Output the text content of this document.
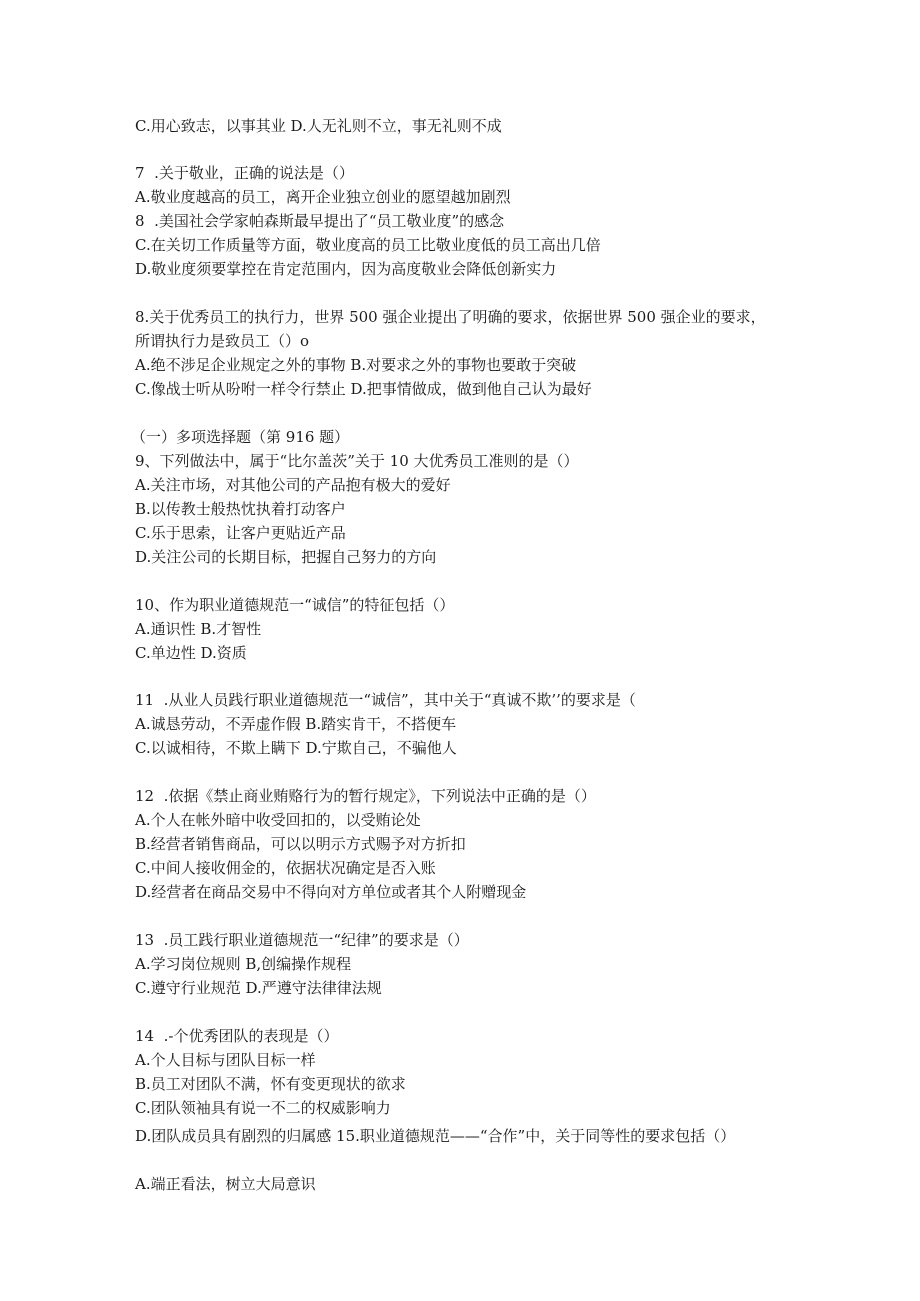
C.用心致志，以事其业 D.人无礼则不立，事无礼则不成
7  .关于敬业，正确的说法是（）
A.敬业度越高的员工，离开企业独立创业的愿望越加剧烈
8  .美国社会学家帕森斯最早提出了“员工敬业度”的感念
C.在关切工作质量等方面，敬业度高的员工比敬业度低的员工高出几倍
D.敬业度须要掌控在肯定范围内，因为高度敬业会降低创新实力
8.关于优秀员工的执行力，世界 500 强企业提出了明确的要求，依据世界 500 强企业的要求，
所谓执行力是致员工（）o
A.绝不涉足企业规定之外的事物 B.对要求之外的事物也要敢于突破
C.像战士听从吩咐一样令行禁止 D.把事情做成，做到他自己认为最好
（一）多项选择题（第 916 题）
9、下列做法中，属于“比尔盖茨”关于 10 大优秀员工准则的是（）
A.关注市场，对其他公司的产品抱有极大的爱好
B.以传教士般热忱执着打动客户
C.乐于思索，让客户更贴近产品
D.关注公司的长期目标，把握自己努力的方向
10、作为职业道德规范一“诚信”的特征包括（）
A.通识性 B.才智性
C.单边性 D.资质
11  .从业人员践行职业道德规范一“诚信”，其中关于“真诚不欺’’的要求是（
A.诚恳劳动，不弄虚作假 B.踏实肯干，不搭便车
C.以诚相待，不欺上瞒下 D.宁欺自己，不骗他人
12  .依据《禁止商业贿赂行为的暂行规定》，下列说法中正确的是（）
A.个人在帐外暗中收受回扣的，以受贿论处
B.经营者销售商品，可以以明示方式赐予对方折扣
C.中间人接收佣金的，依据状况确定是否入账
D.经营者在商品交易中不得向对方单位或者其个人附赠现金
13  .员工践行职业道德规范一“纪律”的要求是（）
A.学习岗位规则 B,创编操作规程
C.遵守行业规范 D.严遵守法律律法规
14  .-个优秀团队的表现是（）
A.个人目标与团队目标一样
B.员工对团队不满，怀有变更现状的欲求
C.团队领袖具有说一不二的权威影响力
D.团队成员具有剧烈的归属感 15.职业道德规范——“合作”中，关于同等性的要求包括（）
A.端正看法，树立大局意识
